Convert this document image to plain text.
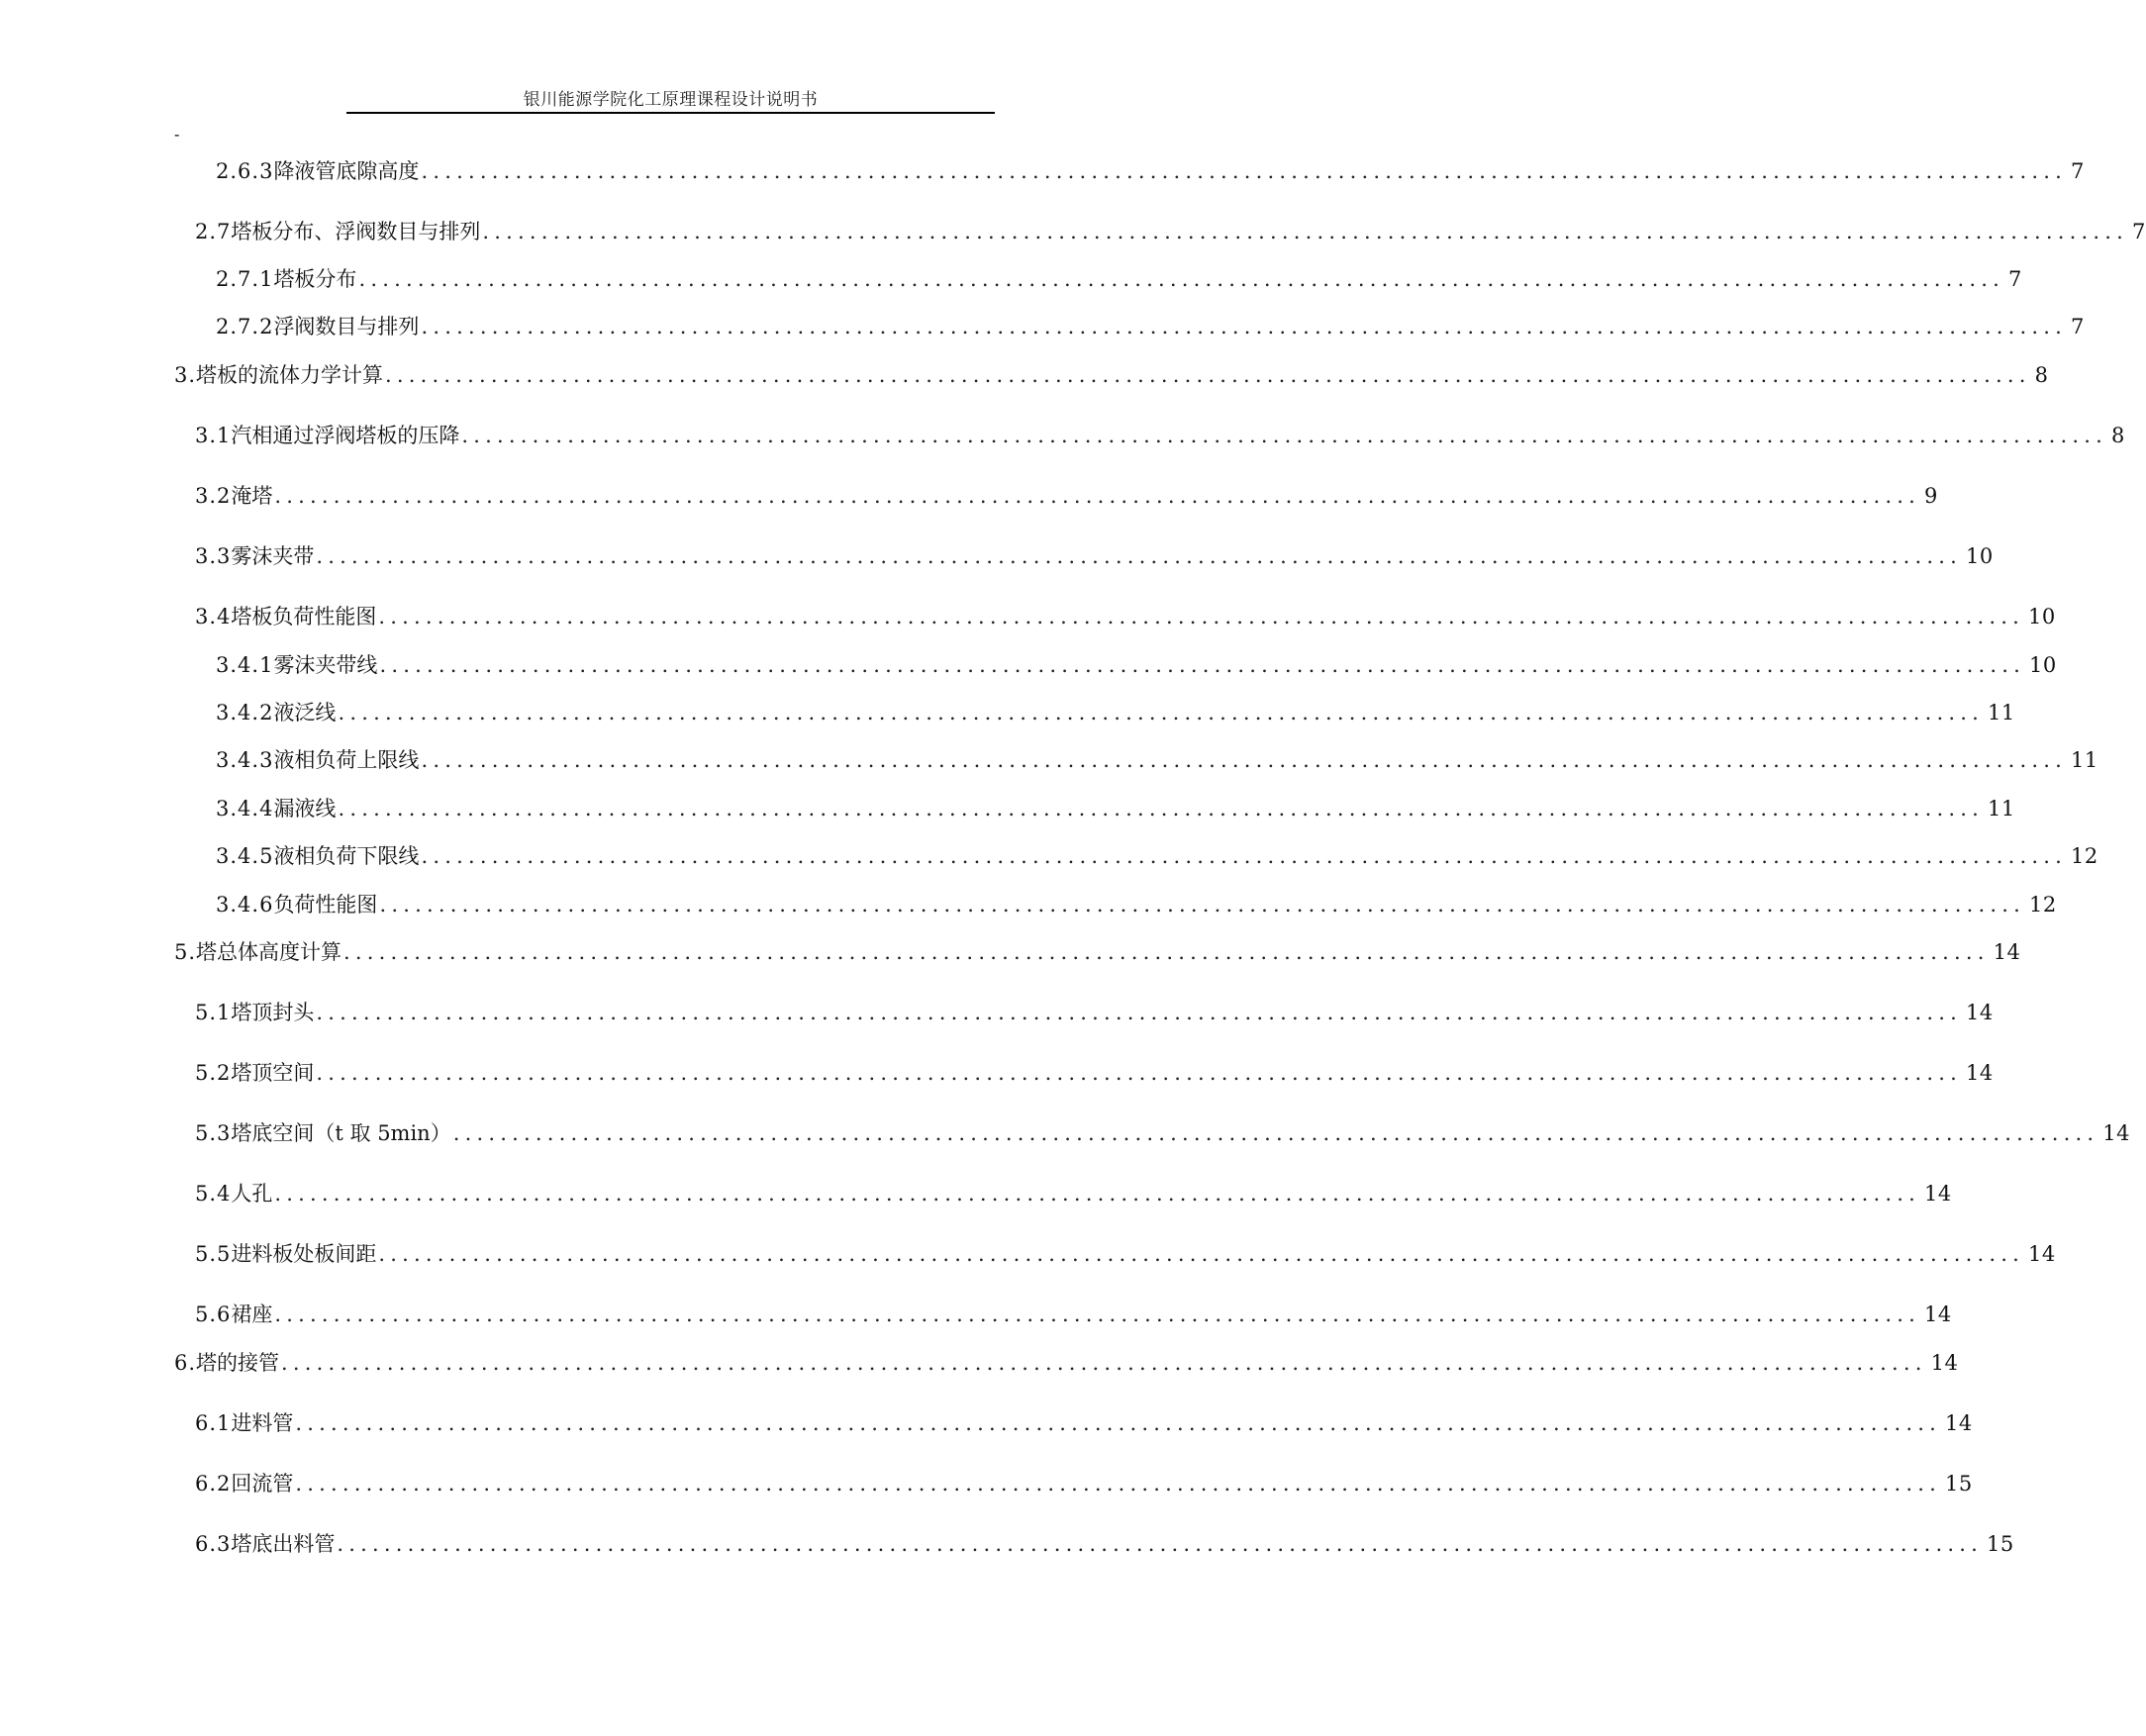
银川能源学院化工原理课程设计说明书
-
2.6.3 降液管底隙高度 ............................................................................................................................................ 7
2.7 塔板分布、浮阀数目与排列 ............................................................................................................................................ 7
2.7.1 塔板分布 ............................................................................................................................................ 7
2.7.2 浮阀数目与排列 ............................................................................................................................................ 7
3. 塔板的流体力学计算 ............................................................................................................................................ 8
3.1 汽相通过浮阀塔板的压降 ............................................................................................................................................ 8
3.2 淹塔 ............................................................................................................................................ 9
3.3 雾沫夹带 ............................................................................................................................................ 10
3.4 塔板负荷性能图 ............................................................................................................................................ 10
3.4.1 雾沫夹带线 ............................................................................................................................................ 10
3.4.2 液泛线 ............................................................................................................................................ 11
3.4.3 液相负荷上限线 ............................................................................................................................................ 11
3.4.4 漏液线 ............................................................................................................................................ 11
3.4.5 液相负荷下限线 ............................................................................................................................................ 12
3.4.6 负荷性能图 ............................................................................................................................................ 12
5. 塔总体高度计算 ............................................................................................................................................ 14
5.1 塔顶封头 ............................................................................................................................................ 14
5.2 塔顶空间 ............................................................................................................................................ 14
5.3 塔底空间（t 取 5min） ............................................................................................................................................ 14
5.4 人孔 ............................................................................................................................................ 14
5.5 进料板处板间距 ............................................................................................................................................ 14
5.6 裙座 ............................................................................................................................................ 14
6. 塔的接管 ............................................................................................................................................ 14
6.1 进料管 ............................................................................................................................................ 14
6.2 回流管 ............................................................................................................................................ 15
6.3 塔底出料管 ............................................................................................................................................ 15
